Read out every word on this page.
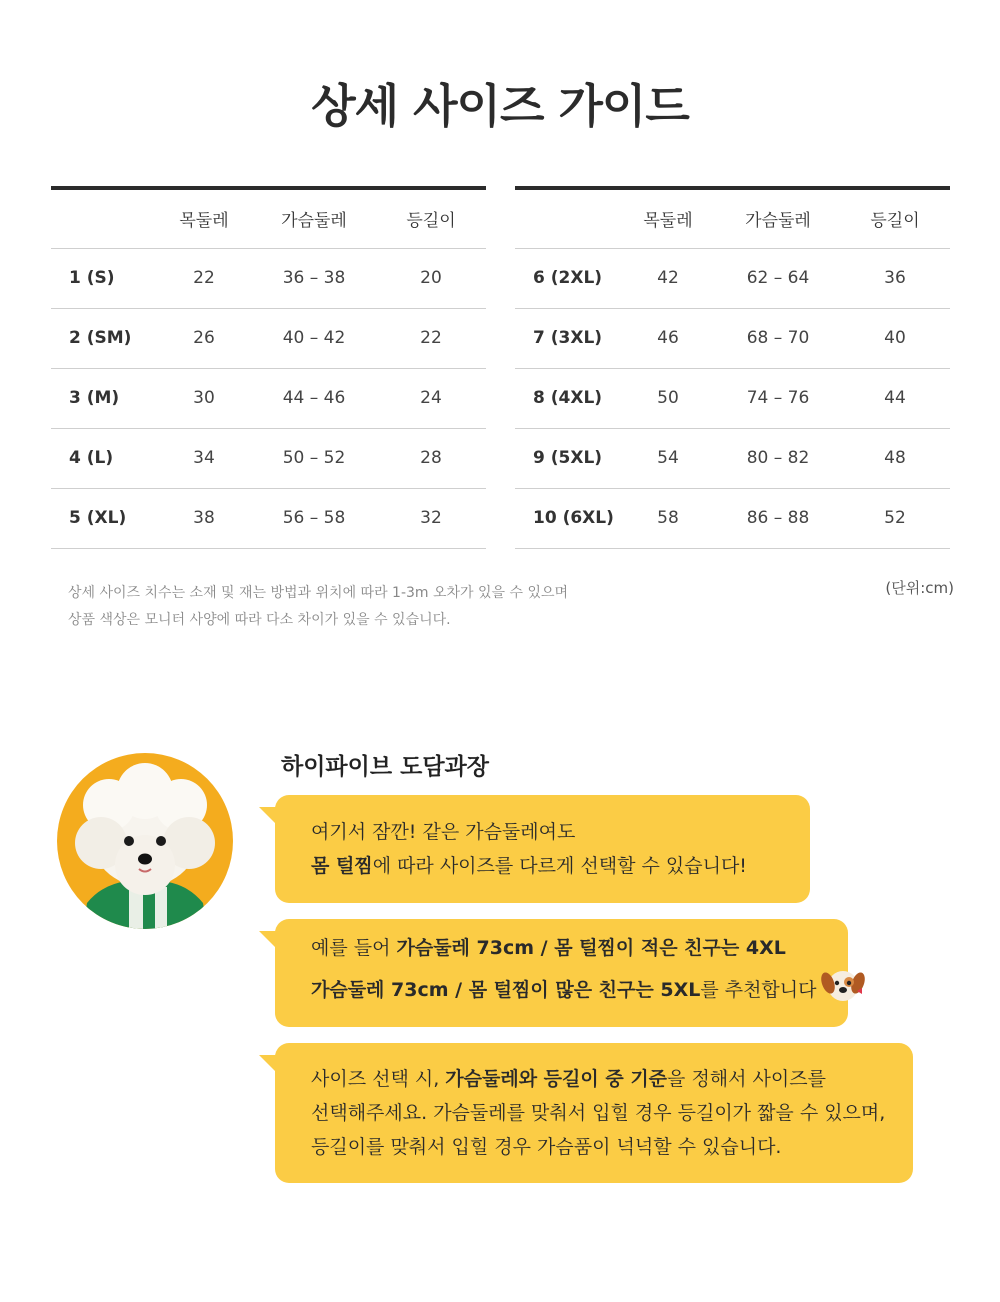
상세 사이즈 가이드
	목둘레	가슴둘레	등길이
1 (S)	22	36 – 38	20
2 (SM)	26	40 – 42	22
3 (M)	30	44 – 46	24
4 (L)	34	50 – 52	28
5 (XL)	38	56 – 58	32
	목둘레	가슴둘레	등길이
6 (2XL)	42	62 – 64	36
7 (3XL)	46	68 – 70	40
8 (4XL)	50	74 – 76	44
9 (5XL)	54	80 – 82	48
10 (6XL)	58	86 – 88	52
상세 사이즈 치수는 소재 및 재는 방법과 위치에 따라 1-3m 오차가 있을 수 있으며
상품 색상은 모니터 사양에 따라 다소 차이가 있을 수 있습니다.
(단위:cm)
하이파이브 도담과장
여기서 잠깐! 같은 가슴둘레여도
몸 털찜에 따라 사이즈를 다르게 선택할 수 있습니다!
예를 들어 가슴둘레 73cm / 몸 털찜이 적은 친구는 4XL
가슴둘레 73cm / 몸 털찜이 많은 친구는 5XL를 추천합니다
사이즈 선택 시, 가슴둘레와 등길이 중 기준을 정해서 사이즈를
선택해주세요. 가슴둘레를 맞춰서 입힐 경우 등길이가 짧을 수 있으며,
등길이를 맞춰서 입힐 경우 가슴품이 넉넉할 수 있습니다.
